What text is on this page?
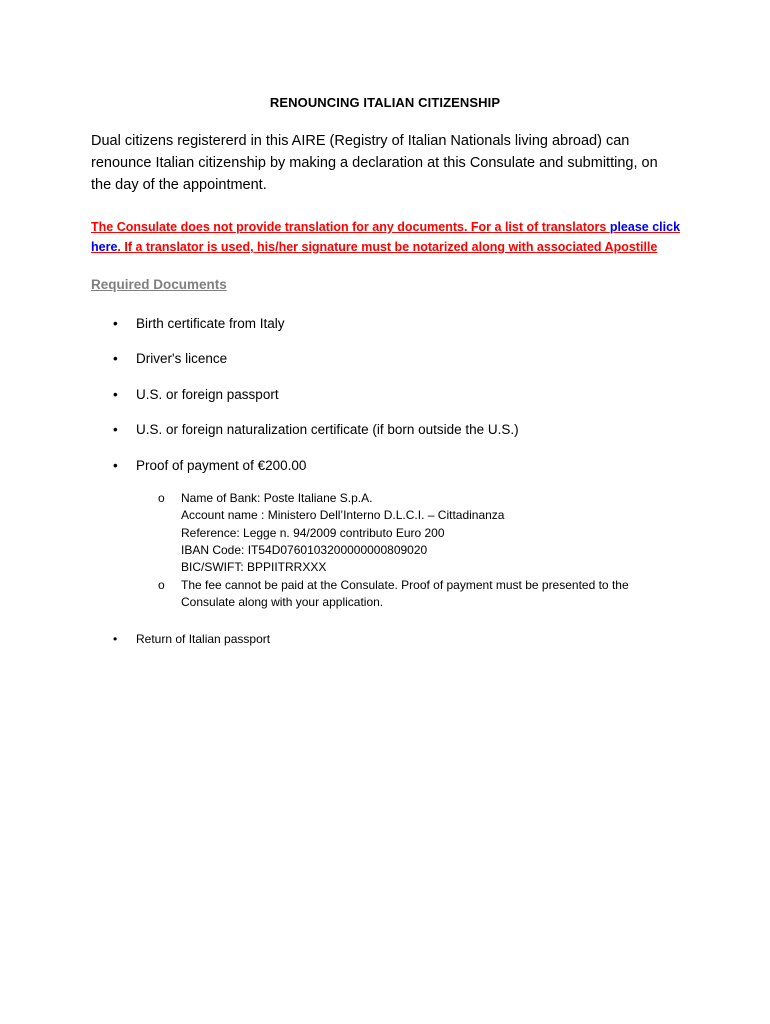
RENOUNCING ITALIAN CITIZENSHIP
Dual citizens registererd in this AIRE (Registry of Italian Nationals living abroad) can renounce Italian citizenship by making a declaration at this Consulate and submitting, on the day of the appointment.
The Consulate does not provide translation for any documents. For a list of translators please click here. If a translator is used, his/her signature must be notarized along with associated Apostille
Required Documents
• Birth certificate from Italy
• Driver's licence
• U.S. or foreign passport
• U.S. or foreign naturalization certificate (if born outside the U.S.)
• Proof of payment of €200.00
• Return of Italian passport
o Name of Bank: Poste Italiane S.p.A.
Account name : Ministero Dell’Interno D.L.C.I. – Cittadinanza
Reference: Legge n. 94/2009 contributo Euro 200
IBAN Code: IT54D0760103200000000809020
BIC/SWIFT: BPPIITRRXXX
o The fee cannot be paid at the Consulate. Proof of payment must be presented to the
Consulate along with your application.
